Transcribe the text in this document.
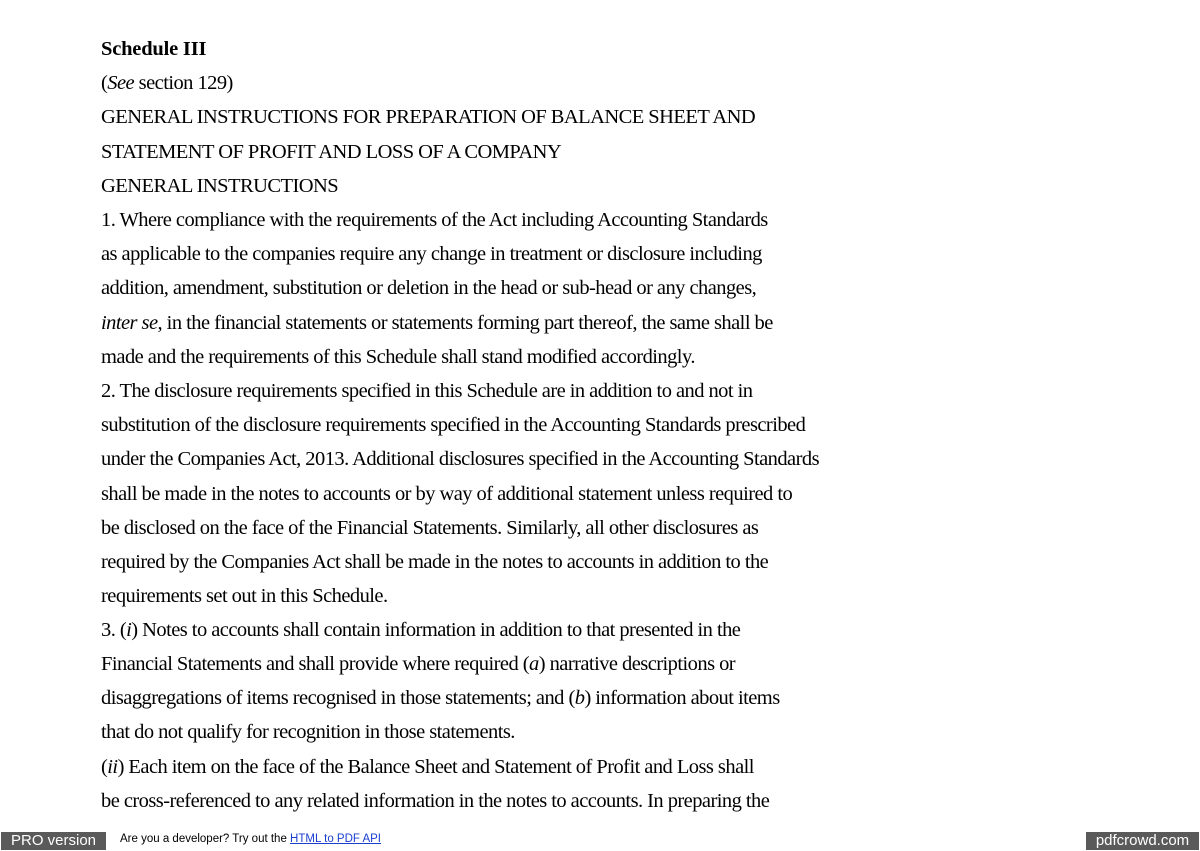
Schedule III
(See section 129)
GENERAL INSTRUCTIONS FOR PREPARATION OF BALANCE SHEET AND
STATEMENT OF PROFIT AND LOSS OF A COMPANY
GENERAL INSTRUCTIONS
1. Where compliance with the requirements of the Act including Accounting Standards
as applicable to the companies require any change in treatment or disclosure including
addition, amendment, substitution or deletion in the head or sub-head or any changes,
inter se, in the financial statements or statements forming part thereof, the same shall be
made and the requirements of this Schedule shall stand modified accordingly.
2. The disclosure requirements specified in this Schedule are in addition to and not in
substitution of the disclosure requirements specified in the Accounting Standards prescribed
under the Companies Act, 2013. Additional disclosures specified in the Accounting Standards
shall be made in the notes to accounts or by way of additional statement unless required to
be disclosed on the face of the Financial Statements. Similarly, all other disclosures as
required by the Companies Act shall be made in the notes to accounts in addition to the
requirements set out in this Schedule.
3. (i) Notes to accounts shall contain information in addition to that presented in the
Financial Statements and shall provide where required (a) narrative descriptions or
disaggregations of items recognised in those statements; and (b) information about items
that do not qualify for recognition in those statements.
(ii) Each item on the face of the Balance Sheet and Statement of Profit and Loss shall
be cross-referenced to any related information in the notes to accounts. In preparing the
PRO version	Are you a developer? Try out the HTML to PDF API	pdfcrowd.com
